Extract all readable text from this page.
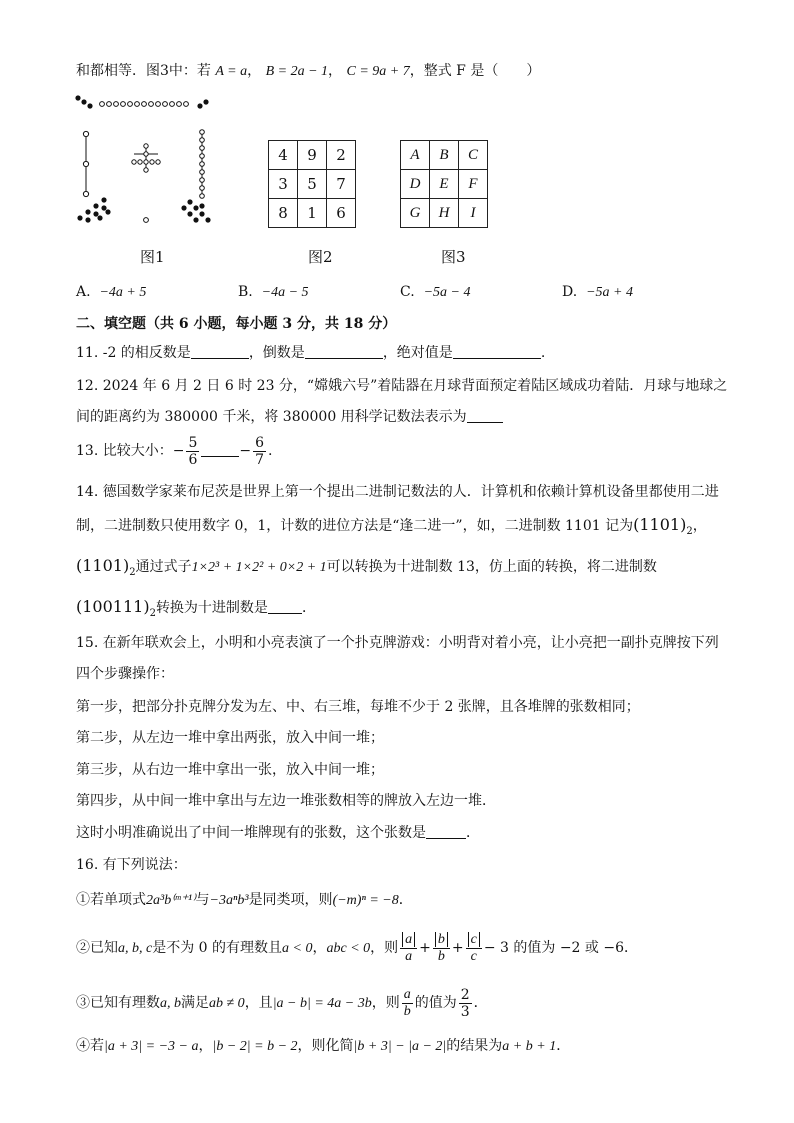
和都相等．图3中：若 A = a， B = 2a − 1， C = 9a + 7，整式 F 是（　　）
4	9	2
3	5	7
8	1	6
A	B	C
D	E	F
G	H	I
图1	图2	图3
A. −4a + 5	B. −4a − 5	C. −5a − 4	D. −5a + 4
二、填空题（共 6 小题，每小题 3 分，共 18 分）
11. -2 的相反数是	，倒数是	，绝对值是	.
12. 2024 年 6 月 2 日 6 时 23 分，“嫦娥六号”着陆器在月球背面预定着陆区域成功着陆．月球与地球之
间的距离约为 380000 千米，将 380000 用科学记数法表示为
13. 比较大小：− $\frac{5}{6}$	− $\frac{6}{7}$ .
14. 德国数学家莱布尼茨是世界上第一个提出二进制记数法的人．计算机和依赖计算机设备里都使用二进
制，二进制数只使用数字 0，1，计数的进位方法是“逢二进一”，如，二进制数 1101 记为$(1101)_2$，
$(1101)_2$通过式子1×2³ + 1×2² + 0×2 + 1可以转换为十进制数 13，仿上面的转换，将二进制数
$(100111)_2$转换为十进制数是 ．
15. 在新年联欢会上，小明和小亮表演了一个扑克牌游戏：小明背对着小亮，让小亮把一副扑克牌按下列
四个步骤操作：
第一步，把部分扑克牌分发为左、中、右三堆，每堆不少于 2 张牌，且各堆牌的张数相同；
第二步，从左边一堆中拿出两张，放入中间一堆；
第三步，从右边一堆中拿出一张，放入中间一堆；
第四步，从中间一堆中拿出与左边一堆张数相等的牌放入左边一堆．
这时小明准确说出了中间一堆牌现有的张数，这个张数是	．
16. 有下列说法：
①若单项式2a³b⁽ᵐ⁺¹⁾与−3aⁿb³是同类项，则(−m)ⁿ = −8．
②已知a, b, c是不为 0 的有理数且a < 0，abc < 0，则 $\frac{a}{a} + \frac{b}{b} + \frac{c}{c} - 3$ 的值为 −2 或 −6．
③已知有理数a, b满足ab ≠ 0，且|a − b| = 4a − 3b，则 $\frac{a}{b}$ 的值为 $\frac{2}{3}$ ．
④若|a + 3| = −3 − a，|b − 2| = b − 2，则化简|b + 3| − |a − 2|的结果为a + b + 1．
